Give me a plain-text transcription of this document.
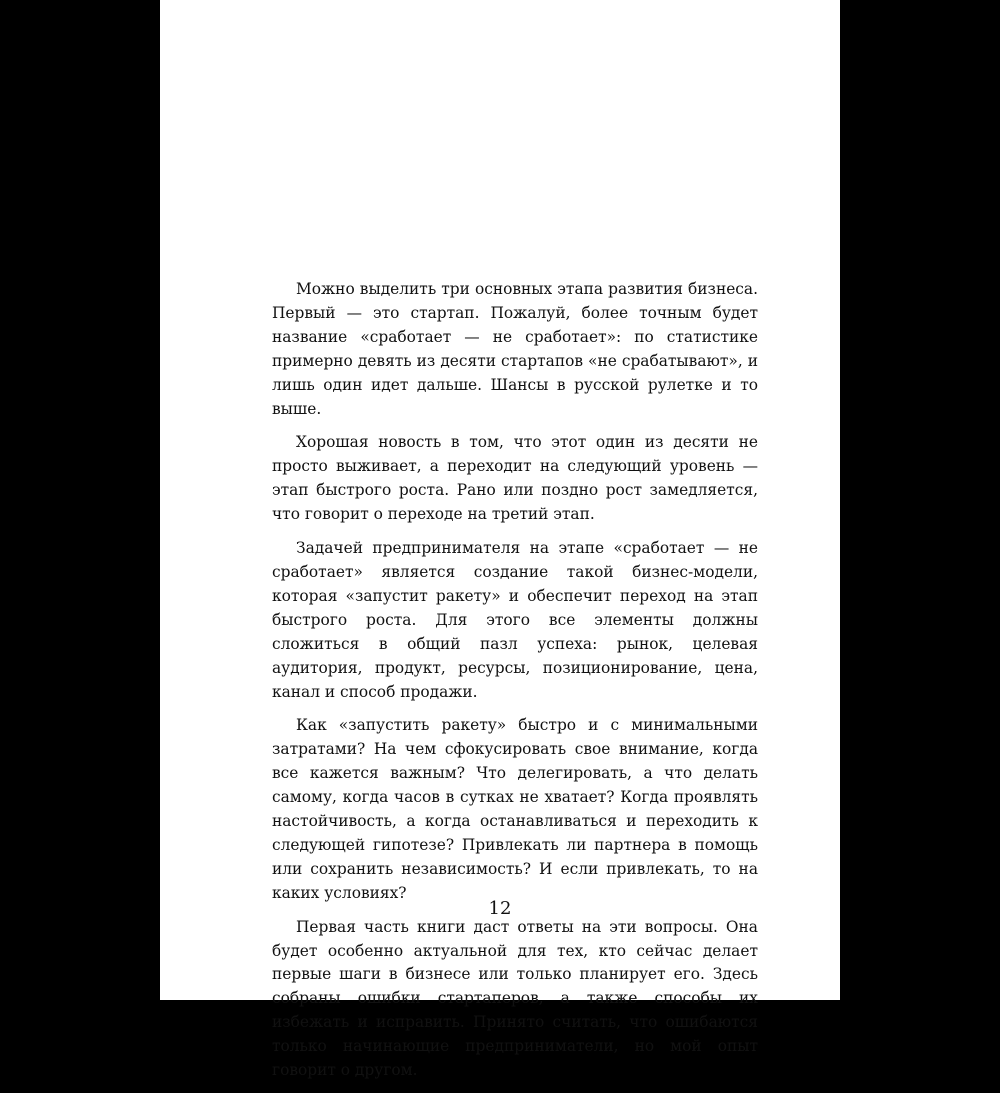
Можно выделить три основных этапа развития бизнеса. Первый — это стартап. Пожалуй, более точным будет название «сработает — не сработает»: по статистике примерно девять из десяти стартапов «не срабатывают», и лишь один идет дальше. Шансы в русской рулетке и то выше.

Хорошая новость в том, что этот один из десяти не просто выживает, а переходит на следующий уровень — этап быстрого роста. Рано или поздно рост замедляется, что говорит о переходе на третий этап.

Задачей предпринимателя на этапе «сработает — не сработает» является создание такой бизнес-модели, которая «запустит ракету» и обеспечит переход на этап быстрого роста. Для этого все элементы должны сложиться в общий пазл успеха: рынок, целевая аудитория, продукт, ресурсы, позиционирование, цена, канал и способ продажи.

Как «запустить ракету» быстро и с минимальными затратами? На чем сфокусировать свое внимание, когда все кажется важным? Что делегировать, а что делать самому, когда часов в сутках не хватает? Когда проявлять настойчивость, а когда останавливаться и переходить к следующей гипотезе? Привлекать ли партнера в помощь или сохранить независимость? И если привлекать, то на каких условиях?

Первая часть книги даст ответы на эти вопросы. Она будет особенно актуальной для тех, кто сейчас делает первые шаги в бизнесе или только планирует его. Здесь собраны ошибки стартаперов, а также способы их избежать и исправить. Принято считать, что ошибаются только начинающие предприниматели, но мой опыт говорит о другом.

12
